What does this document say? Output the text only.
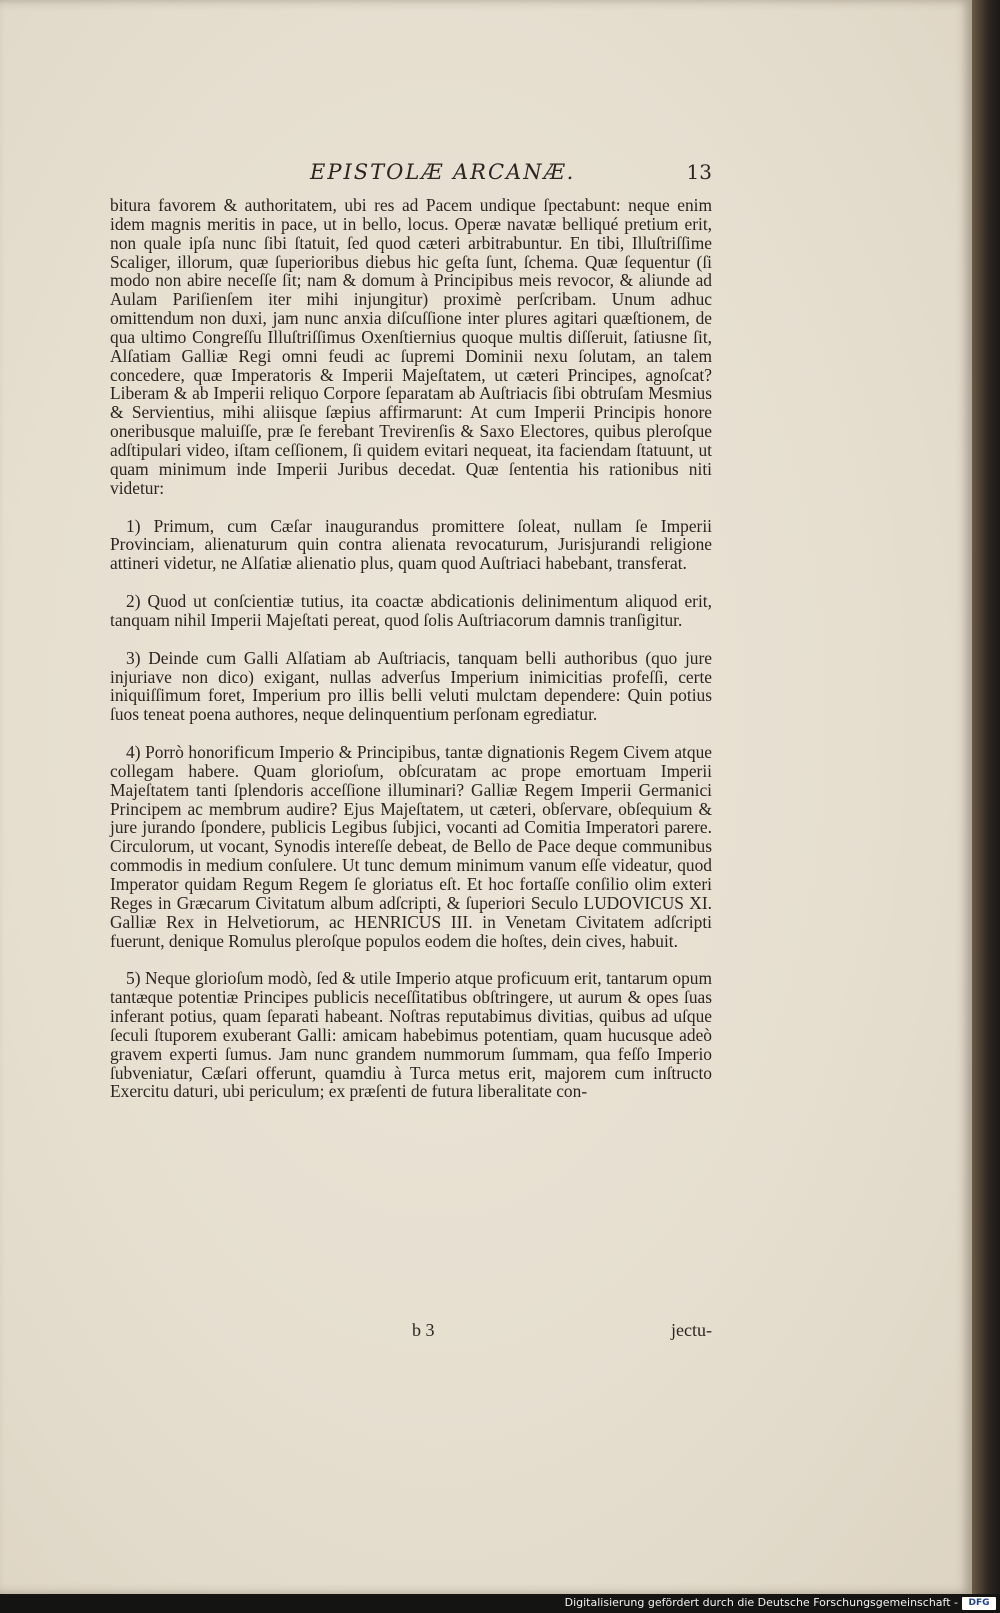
EPISTOLÆ ARCANÆ.	13

bitura favorem & authoritatem, ubi res ad Pacem undique ſpectabunt: neque enim idem magnis meritis in pace, ut in bello, locus. Operæ navatæ belliqué pretium erit, non quale ipſa nunc ſibi ſtatuit, ſed quod cæteri arbitrabuntur. En tibi, Illuſtriſſime Scaliger, illorum, quæ ſuperioribus diebus hic geſta ſunt, ſchema. Quæ ſequentur (ſi modo non abire neceſſe ſit; nam & domum à Principibus meis revocor, & aliunde ad Aulam Pariſienſem iter mihi injungitur) proximè perſcribam. Unum adhuc omittendum non duxi, jam nunc anxia diſcuſſione inter plures agitari quæſtionem, de qua ultimo Congreſſu Illuſtriſſimus Oxenſtiernius quoque multis diſſeruit, ſatiusne ſit, Alſatiam Galliæ Regi omni feudi ac ſupremi Dominii nexu ſolutam, an talem concedere, quæ Imperatoris & Imperii Majeſtatem, ut cæteri Principes, agnoſcat? Liberam & ab Imperii reliquo Corpore ſeparatam ab Auſtriacis ſibi obtruſam Mesmius & Servientius, mihi aliisque ſæpius affirmarunt: At cum Imperii Principis honore oneribusque maluiſſe, præ ſe ferebant Trevirenſis & Saxo Electores, quibus pleroſque adſtipulari video, iſtam ceſſionem, ſi quidem evitari nequeat, ita faciendam ſtatuunt, ut quam minimum inde Imperii Juribus decedat. Quæ ſententia his rationibus niti videtur:

1) Primum, cum Cæſar inaugurandus promittere ſoleat, nullam ſe Imperii Provinciam, alienaturum quin contra alienata revocaturum, Jurisjurandi religione attineri videtur, ne Alſatiæ alienatio plus, quam quod Auſtriaci habebant, transferat.

2) Quod ut conſcientiæ tutius, ita coactæ abdicationis delinimentum aliquod erit, tanquam nihil Imperii Majeſtati pereat, quod ſolis Auſtriacorum damnis tranſigitur.

3) Deinde cum Galli Alſatiam ab Auſtriacis, tanquam belli authoribus (quo jure injuriave non dico) exigant, nullas adverſus Imperium inimicitias profeſſi, certe iniquiſſimum foret, Imperium pro illis belli veluti mulctam dependere: Quin potius ſuos teneat poena authores, neque delinquentium perſonam egrediatur.

4) Porrò honorificum Imperio & Principibus, tantæ dignationis Regem Civem atque collegam habere. Quam glorioſum, obſcuratam ac prope emortuam Imperii Majeſtatem tanti ſplendoris acceſſione illuminari? Galliæ Regem Imperii Germanici Principem ac membrum audire? Ejus Majeſtatem, ut cæteri, obſervare, obſequium & jure jurando ſpondere, publicis Legibus ſubjici, vocanti ad Comitia Imperatori parere. Circulorum, ut vocant, Synodis intereſſe debeat, de Bello de Pace deque communibus commodis in medium conſulere. Ut tunc demum minimum vanum eſſe videatur, quod Imperator quidam Regum Regem ſe gloriatus eſt. Et hoc fortaſſe conſilio olim exteri Reges in Græcarum Civitatum album adſcripti, & ſuperiori Seculo LUDOVICUS XI. Galliæ Rex in Helvetiorum, ac HENRICUS III. in Venetam Civitatem adſcripti fuerunt, denique Romulus pleroſque populos eodem die hoſtes, dein cives, habuit.

5) Neque glorioſum modò, ſed & utile Imperio atque proficuum erit, tantarum opum tantæque potentiæ Principes publicis neceſſitatibus obſtringere, ut aurum & opes ſuas inferant potius, quam ſeparati habeant. Noſtras reputabimus divitias, quibus ad uſque ſeculi ſtuporem exuberant Galli: amicam habebimus potentiam, quam hucusque adeò gravem experti ſumus. Jam nunc grandem nummorum ſummam, qua feſſo Imperio ſubveniatur, Cæſari offerunt, quamdiu à Turca metus erit, majorem cum inſtructo Exercitu daturi, ubi periculum; ex præſenti de futura liberalitate con-

b 3	jectu-
Digitalisierung gefördert durch die Deutsche Forschungsgemeinschaft -	DFG
